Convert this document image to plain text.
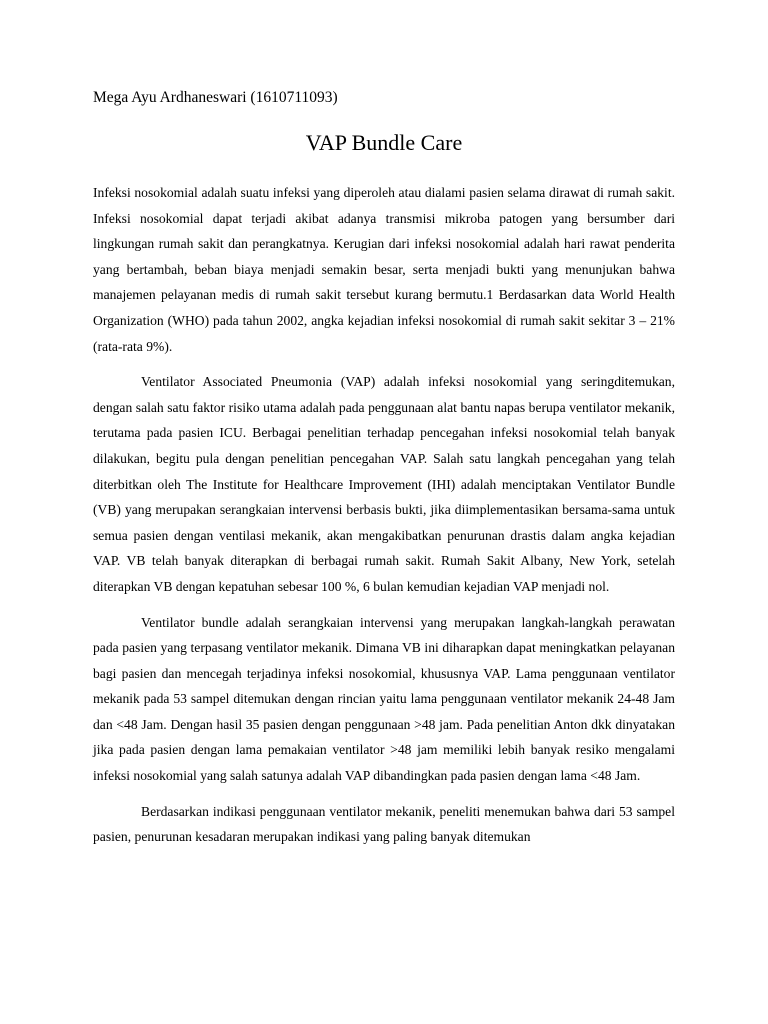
Mega Ayu Ardhaneswari (1610711093)
VAP Bundle Care

Infeksi nosokomial adalah suatu infeksi yang diperoleh atau dialami pasien selama dirawat di rumah sakit. Infeksi nosokomial dapat terjadi akibat adanya transmisi mikroba patogen yang bersumber dari lingkungan rumah sakit dan perangkatnya. Kerugian dari infeksi nosokomial adalah hari rawat penderita yang bertambah, beban biaya menjadi semakin besar, serta menjadi bukti yang menunjukan bahwa manajemen pelayanan medis di rumah sakit tersebut kurang bermutu.1 Berdasarkan data World Health Organization (WHO) pada tahun 2002, angka kejadian infeksi nosokomial di rumah sakit sekitar 3 – 21% (rata-rata 9%).

Ventilator Associated Pneumonia (VAP) adalah infeksi nosokomial yang seringditemukan, dengan salah satu faktor risiko utama adalah pada penggunaan alat bantu napas berupa ventilator mekanik, terutama pada pasien ICU. Berbagai penelitian terhadap pencegahan infeksi nosokomial telah banyak dilakukan, begitu pula dengan penelitian pencegahan VAP. Salah satu langkah pencegahan yang telah diterbitkan oleh The Institute for Healthcare Improvement (IHI) adalah menciptakan Ventilator Bundle (VB) yang merupakan serangkaian intervensi berbasis bukti, jika diimplementasikan bersama-sama untuk semua pasien dengan ventilasi mekanik, akan mengakibatkan penurunan drastis dalam angka kejadian VAP. VB telah banyak diterapkan di berbagai rumah sakit. Rumah Sakit Albany, New York, setelah diterapkan VB dengan kepatuhan sebesar 100 %, 6 bulan kemudian kejadian VAP menjadi nol.

Ventilator bundle adalah serangkaian intervensi yang merupakan langkah-langkah perawatan pada pasien yang terpasang ventilator mekanik. Dimana VB ini diharapkan dapat meningkatkan pelayanan bagi pasien dan mencegah terjadinya infeksi nosokomial, khususnya VAP. Lama penggunaan ventilator mekanik pada 53 sampel ditemukan dengan rincian yaitu lama penggunaan ventilator mekanik 24-48 Jam dan <48 Jam. Dengan hasil 35 pasien dengan penggunaan >48 jam. Pada penelitian Anton dkk dinyatakan jika pada pasien dengan lama pemakaian ventilator >48 jam memiliki lebih banyak resiko mengalami infeksi nosokomial yang salah satunya adalah VAP dibandingkan pada pasien dengan lama <48 Jam.

Berdasarkan indikasi penggunaan ventilator mekanik, peneliti menemukan bahwa dari 53 sampel pasien, penurunan kesadaran merupakan indikasi yang paling banyak ditemukan
